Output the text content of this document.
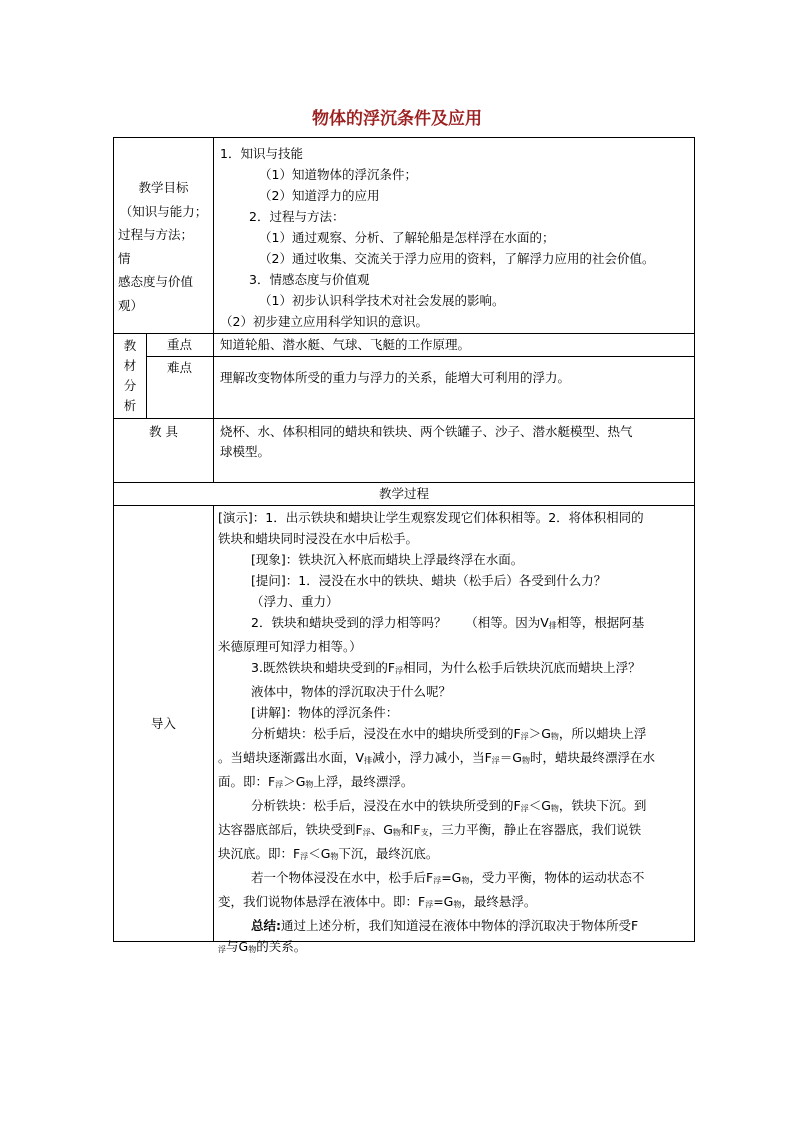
物体的浮沉条件及应用
教学目标
（知识与能力；
过程与方法；
情
感态度与价值
观）
1．知识与技能
（1）知道物体的浮沉条件；
（2）知道浮力的应用
2．过程与方法：
（1）通过观察、分析、了解轮船是怎样浮在水面的；
（2）通过收集、交流关于浮力应用的资料，了解浮力应用的社会价值。
3．情感态度与价值观
（1）初步认识科学技术对社会发展的影响。
（2）初步建立应用科学知识的意识。
教
材
分
析
重点	知道轮船、潜水艇、气球、飞艇的工作原理。
难点
理解改变物体所受的重力与浮力的关系，能増大可利用的浮力。
教 具	烧杯、水、体积相同的蜡块和铁块、两个铁罐子、沙子、潜水艇模型、热气
球模型。
教学过程
导入
[演示]：1．出示铁块和蜡块让学生观察发现它们体积相等。2．将体积相同的
铁块和蜡块同时浸没在水中后松手。
[现象]：铁块沉入杯底而蜡块上浮最终浮在水面。
[提问]：1．浸没在水中的铁块、蜡块（松手后）各受到什么力？
（浮力、重力）
2．铁块和蜡块受到的浮力相等吗？　　（相等。因为$V_排$相等，根据阿基
米德原理可知浮力相等。）
3.既然铁块和蜡块受到的$F_浮$相同，为什么松手后铁块沉底而蜡块上浮？
液体中，物体的浮沉取决于什么呢？
[讲解]：物体的浮沉条件：
分析蜡块：松手后，浸没在水中的蜡块所受到的$F_浮>G_物$，所以蜡块上浮
。当蜡块逐渐露出水面，$V_排$减小，浮力减小，当$F_浮=G_物$时，蜡块最终漂浮在水
面。即：$F_浮>G_物$上浮，最终漂浮。
分析铁块：松手后，浸没在水中的铁块所受到的$F_浮<G_物$，铁块下沉。到
达容器底部后，铁块受到$F_浮$、$G_物$和$F_支$，三力平衡，静止在容器底，我们说铁
块沉底。即：$F_浮<G_物$下沉，最终沉底。
若一个物体浸没在水中，松手后$F_浮=G_物$，受力平衡，物体的运动状态不
变，我们说物体悬浮在液体中。即：$F_浮=G_物$，最终悬浮。
总结:通过上述分析，我们知道浸在液体中物体的浮沉取决于物体所受F
$_浮$与$G_物$的关系。
